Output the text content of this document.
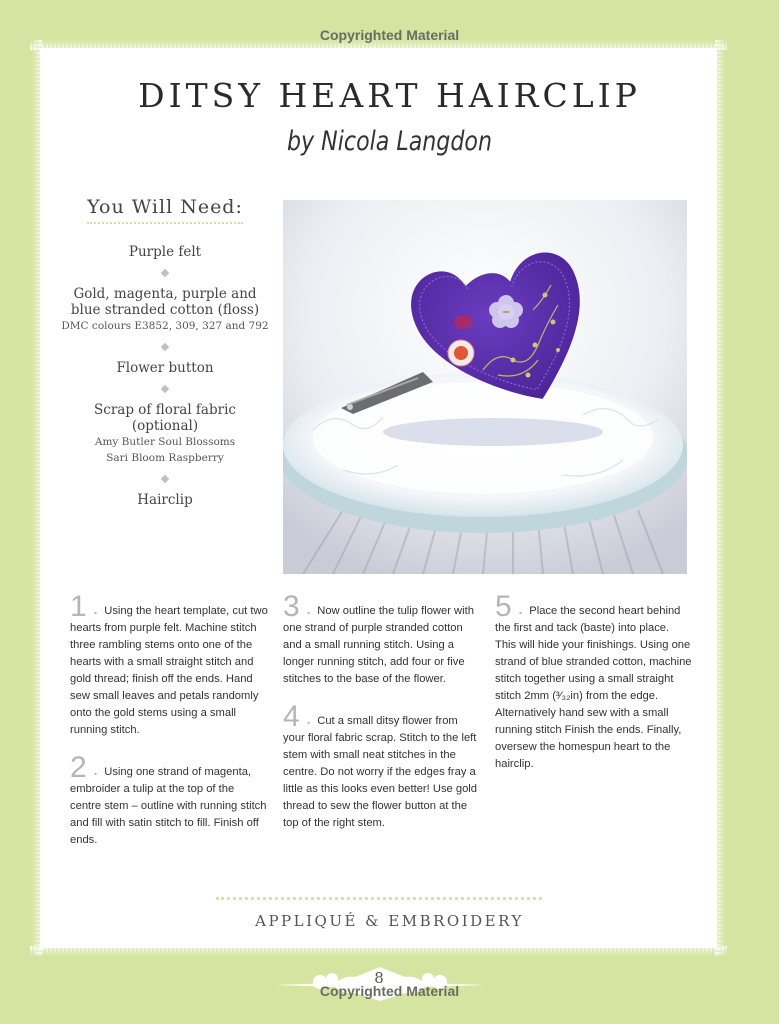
Copyrighted Material
DITSY HEART HAIRCLIP
by Nicola Langdon
You Will Need:
Purple felt
Gold, magenta, purple and blue stranded cotton (floss)
DMC colours E3852, 309, 327 and 792
Flower button
Scrap of floral fabric (optional)
Amy Butler Soul Blossoms
Sari Bloom Raspberry
Hairclip

1 . Using the heart template, cut two hearts from purple felt. Machine stitch three rambling stems onto one of the hearts with a small straight stitch and gold thread; finish off the ends. Hand sew small leaves and petals randomly onto the gold stems using a small running stitch.

2 . Using one strand of magenta, embroider a tulip at the top of the centre stem – outline with running stitch and fill with satin stitch to fill. Finish off ends.

3 . Now outline the tulip flower with one strand of purple stranded cotton and a small running stitch. Using a longer running stitch, add four or five stitches to the base of the flower.

4 . Cut a small ditsy flower from your floral fabric scrap. Stitch to the left stem with small neat stitches in the centre. Do not worry if the edges fray a little as this looks even better! Use gold thread to sew the flower button at the top of the right stem.

5 . Place the second heart behind the first and tack (baste) into place. This will hide your finishings. Using one strand of blue stranded cotton, machine stitch together using a small straight stitch 2mm (³⁄₃₂in) from the edge. Alternatively hand sew with a small running stitch Finish the ends. Finally, oversew the homespun heart to the hairclip.

APPLIQUÉ & EMBROIDERY
8
Copyrighted Material
